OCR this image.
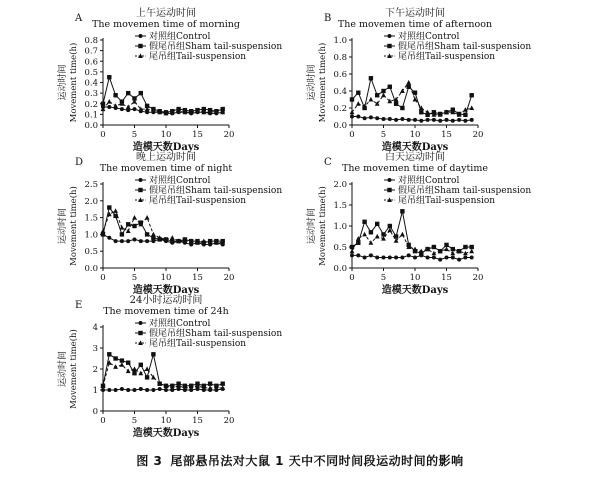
A	上午运动时间
The movemen time of morning
0.0
0.1
0.2
0.3
0.4
0.5
0.6
0.7
0.8
0	5	10 15 20
造模天数Days
运动时间 Movement time(h)
对照组Control
假尾吊组Sham tail-suspension
尾吊组Tail-suspension
B	下午运动时间
The movemen time of afternoon
0.0
0.2
0.4
0.6
0.8
1.0
0	5	10 15 20
造模天数Days
运动时间 Movement time(h)
对照组Control
假尾吊组Sham tail-suspension
尾吊组Tail-suspension
D	晚上运动时间
The movemen time of night
0.0
0.5
1.0
1.5
2.0
2.5
0	5	10 15 20
造模天数Days
运动时间 Movement time(h)
对照组Control
假尾吊组Sham tail-suspension
尾吊组Tail-suspension
C	白天运动时间
The movemen time of daytime
0.0
0.5
1.0
1.5
2.0
0	5	10 15 20
造模天数Days
运动时间 Movement time(h)
对照组Control
假尾吊组Sham tail-suspension
尾吊组Tail-suspension
E	24小时运动时间
The movemen time of 24h
0
1
2
3
4
0	5	10 15 20
造模天数Days
运动时间 Movement time(h)
对照组Control
假尾吊组Sham tail-suspension
尾吊组Tail-suspension
图 3 尾部悬吊法对大鼠 1 天中不同时间段运动时间的影响
